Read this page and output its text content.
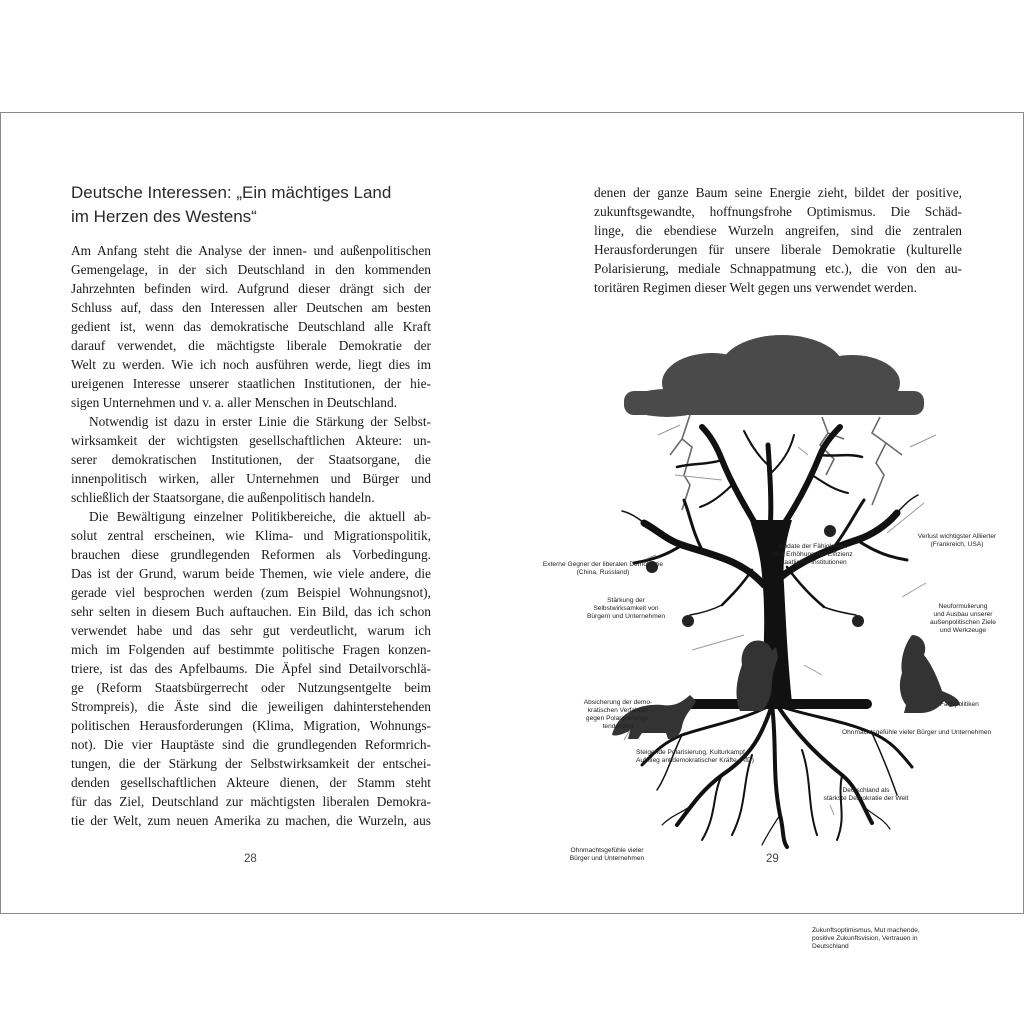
Deutsche Interessen: „Ein mächtiges Land
im Herzen des Westens“
Am Anfang steht die Analyse der innen- und außenpolitischen
Gemengelage, in der sich Deutschland in den kommenden
Jahrzehnten befinden wird. Aufgrund dieser drängt sich der
Schluss auf, dass den Interessen aller Deutschen am besten
gedient ist, wenn das demokratische Deutschland alle Kraft
darauf verwendet, die mächtigste liberale Demokratie der
Welt zu werden. Wie ich noch ausführen werde, liegt dies im
ureigenen Interesse unserer staatlichen Institutionen, der hie-
sigen Unternehmen und v. a. aller Menschen in Deutschland.
Notwendig ist dazu in erster Linie die Stärkung der Selbst-
wirksamkeit der wichtigsten gesellschaftlichen Akteure: un-
serer demokratischen Institutionen, der Staatsorgane, die
innenpolitisch wirken, aller Unternehmen und Bürger und
schließlich der Staatsorgane, die außenpolitisch handeln.
Die Bewältigung einzelner Politikbereiche, die aktuell ab-
solut zentral erscheinen, wie Klima- und Migrationspolitik,
brauchen diese grundlegenden Reformen als Vorbedingung.
Das ist der Grund, warum beide Themen, wie viele andere, die
gerade viel besprochen werden (zum Beispiel Wohnungsnot),
sehr selten in diesem Buch auftauchen. Ein Bild, das ich schon
verwendet habe und das sehr gut verdeutlicht, warum ich
mich im Folgenden auf bestimmte politische Fragen konzen-
triere, ist das des Apfelbaums. Die Äpfel sind Detailvorschlä-
ge (Reform Staatsbürgerrecht oder Nutzungsentgelte beim
Strompreis), die Äste sind die jeweiligen dahinterstehenden
politischen Herausforderungen (Klima, Migration, Wohnungs-
not). Die vier Hauptäste sind die grundlegenden Reformrich-
tungen, die der Stärkung der Selbstwirksamkeit der entschei-
denden gesellschaftlichen Akteure dienen, der Stamm steht
für das Ziel, Deutschland zur mächtigsten liberalen Demokra-
tie der Welt, zum neuen Amerika zu machen, die Wurzeln, aus
28
denen der ganze Baum seine Energie zieht, bildet der positive,
zukunftsgewandte, hoffnungsfrohe Optimismus. Die Schäd-
linge, die ebendiese Wurzeln angreifen, sind die zentralen
Herausforderungen für unsere liberale Demokratie (kulturelle
Polarisierung, mediale Schnappatmung etc.), die von den au-
toritären Regimen dieser Welt gegen uns verwendet werden.
Externe Gegner der liberalen Demokratie
(China, Russland)
Update der Fähigkeiten
und Erhöhung der Effizienz
staatlicher Institutionen
Verlust wichtigster Alliierter
(Frankreich, USA)
Stärkung der
Selbstwirksamkeit von
Bürgern und Unternehmen
Neuformulierung
und Ausbau unserer
außenpolitischen Ziele
und Werkzeuge
Absicherung der demo-
kratischen Verfahren
gegen Polarisierungs-
tendenzen
Fachpolitiken
Ohnmachtsgefühle vieler Bürger und Unternehmen
Steigende Polarisierung, Kulturkampf,
Aufstieg antidemokratischer Kräfte (AfD)
Deutschland als
stärkste Demokratie der Welt
Ohnmachtsgefühle vieler
Bürger und Unternehmen
Zukunftsoptimismus, Mut machende,
positive Zukunftsvision, Vertrauen in
Deutschland
29
